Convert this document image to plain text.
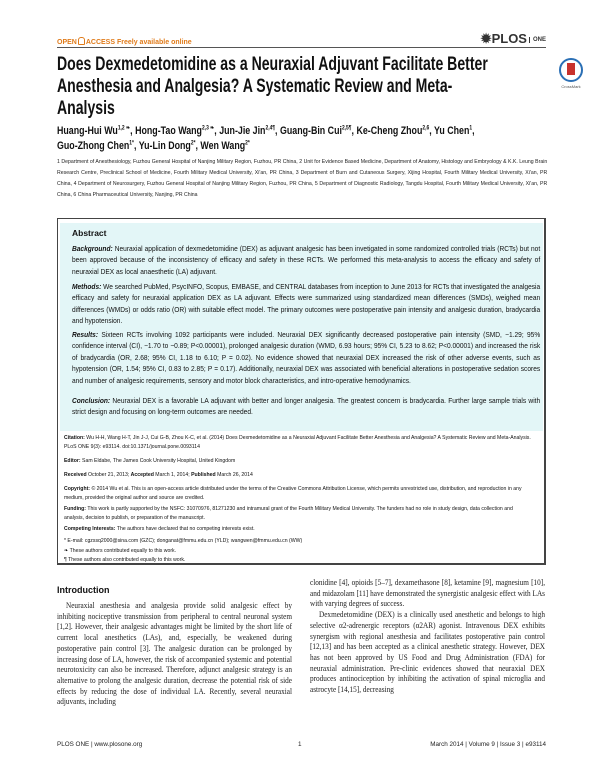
OPEN ACCESS Freely available online	✹PLOS ONE
Does Dexmedetomidine as a Neuraxial Adjuvant Facilitate Better Anesthesia and Analgesia? A Systematic Review and Meta-Analysis
CrossMark
Huang-Hui $Wu^{1,2 ❧}$, Hong-Tao Wang$^{2,3 ❧}$, Jun-Jie Jin$^{2,4\P}$, Guang-Bin Cui$^{2,5\P}$, Ke-Cheng Zhou$^{2,6}$, Yu Chen$^1$,
Guo-Zhong Chen$^{1*}$, Yu-Lin Dong$^{2*}$, Wen Wang$^{2*}$
1 Department of Anesthesiology, Fuzhou General Hospital of Nanjing Military Region, Fuzhou, PR China, 2 Unit for Evidence Based Medicine, Department of Anatomy, Histology and Embryology & K.K. Leung Brain Research Centre, Preclinical School of Medicine, Fourth Military Medical University, Xi'an, PR China, 3 Department of Burn and Cutaneous Surgery, Xijing Hospital, Fourth Military Medical University, Xi'an, PR China, 4 Department of Neurosurgery, Fuzhou General Hospital of Nanjing Military Region, Fuzhou, PR China, 5 Department of Diagnostic Radiology, Tangdu Hospital, Fourth Military Medical University, Xi'an, PR China, 6 China Pharmaceutical University, Nanjing, PR China
Abstract
Background: Neuraxial application of dexmedetomidine (DEX) as adjuvant analgesic has been invetigated in some randomized controlled trials (RCTs) but not been approved because of the inconsistency of efficacy and safety in these RCTs. We performed this meta-analysis to access the efficacy and safety of neuraxial DEX as local anaesthetic (LA) adjuvant.
Methods: We searched PubMed, PsycINFO, Scopus, EMBASE, and CENTRAL databases from inception to June 2013 for RCTs that investigated the analgesia efficacy and safety for neuraxial application DEX as LA adjuvant. Effects were summarized using standardized mean differences (SMDs), weighed mean differences (WMDs) or odds ratio (OR) with suitable effect model. The primary outcomes were postoperative pain intensity and analgesic duration, bradycardia and hypotension.
Results: Sixteen RCTs involving 1092 participants were included. Neuraxial DEX significantly decreased postoperative pain intensity (SMD, −1.29; 95% confidence interval (CI), −1.70 to −0.89; P<0.00001), prolonged analgesic duration (WMD, 6.93 hours; 95% CI, 5.23 to 8.62; P<0.00001) and increased the risk of bradycardia (OR, 2.68; 95% CI, 1.18 to 6.10; P = 0.02). No evidence showed that neuraxial DEX increased the risk of other adverse events, such as hypotension (OR, 1.54; 95% CI, 0.83 to 2.85; P = 0.17). Additionally, neuraxial DEX was associated with beneficial alterations in postoperative sedation scores and number of analgesic requirements, sensory and motor block characteristics, and intro-operative hemodynamics.
Conclusion: Neuraxial DEX is a favorable LA adjuvant with better and longer analgesia. The greatest concern is bradycardia. Further large sample trials with strict design and focusing on long-term outcomes are needed.
Citation: Wu H-H, Wang H-T, Jin J-J, Cui G-B, Zhou K-C, et al. (2014) Does Dexmedetomidine as a Neuraxial Adjuvant Facilitate Better Anesthesia and Analgesia? A Systematic Review and Meta-Analysis. PLoS ONE 9(3): e93114. doi:10.1371/journal.pone.0093114
Editor: Sam Eldabe, The James Cook University Hospital, United Kingdom
Received October 21, 2013; Accepted March 1, 2014; Published March 26, 2014
Copyright: © 2014 Wu et al. This is an open-access article distributed under the terms of the Creative Commons Attribution License, which permits unrestricted use, distribution, and reproduction in any medium, provided the original author and source are credited.
Funding: This work is partly supported by the NSFC: 31070976, 81271230 and intramural grant of the Fourth Military Medical University. The funders had no role in study design, data collection and analysis, decision to publish, or preparation of the manuscript.
Competing Interests: The authors have declared that no competing interests exist.
* E-mail: cgzssq2000@sina.com (GZC); donganat@fmmu.edu.cn (YLD); wangwen@fmmu.edu.cn (WW)
❧ These authors contributed equally to this work.
¶ These authors also contributed equally to this work.
Introduction
Neuraxial anesthesia and analgesia provide solid analgesic effect by inhibiting nociceptive transmission from peripheral to central neuronal system [1,2]. However, their analgesic advantages might be limited by the short life of current local anesthetics (LAs), and, especially, be weakened during postoperative pain control [3]. The analgesic duration can be prolonged by increasing dose of LA, however, the risk of accompanied systemic and potential neurotoxicity can also be increased. Therefore, adjunct analgesic strategy is an alternative to prolong the analgesic duration, decrease the potential risk of side effects by reducing the dose of individual LA. Recently, several neuraxial adjuvants, including
clonidine [4], opioids [5–7], dexamethasone [8], ketamine [9], magnesium [10], and midazolam [11] have demonstrated the synergistic analgesic effect with LAs with varying degrees of success.
Dexmedetomidine (DEX) is a clinically used anesthetic and belongs to high selective α2-adrenergic receptors (α2AR) agonist. Intravenous DEX exhibits synergism with regional anesthesia and facilitates postoperative pain control [12,13] and has been accepted as a clinical anesthetic strategy. However, DEX has not been approved by US Food and Drug Administration (FDA) for neuraxial administration. Pre-clinic evidences showed that neuraxial DEX produces antinociception by inhibiting the activation of spinal microglia and astrocyte [14,15], decreasing
PLOS ONE | www.plosone.org	1	March 2014 | Volume 9 | Issue 3 | e93114
